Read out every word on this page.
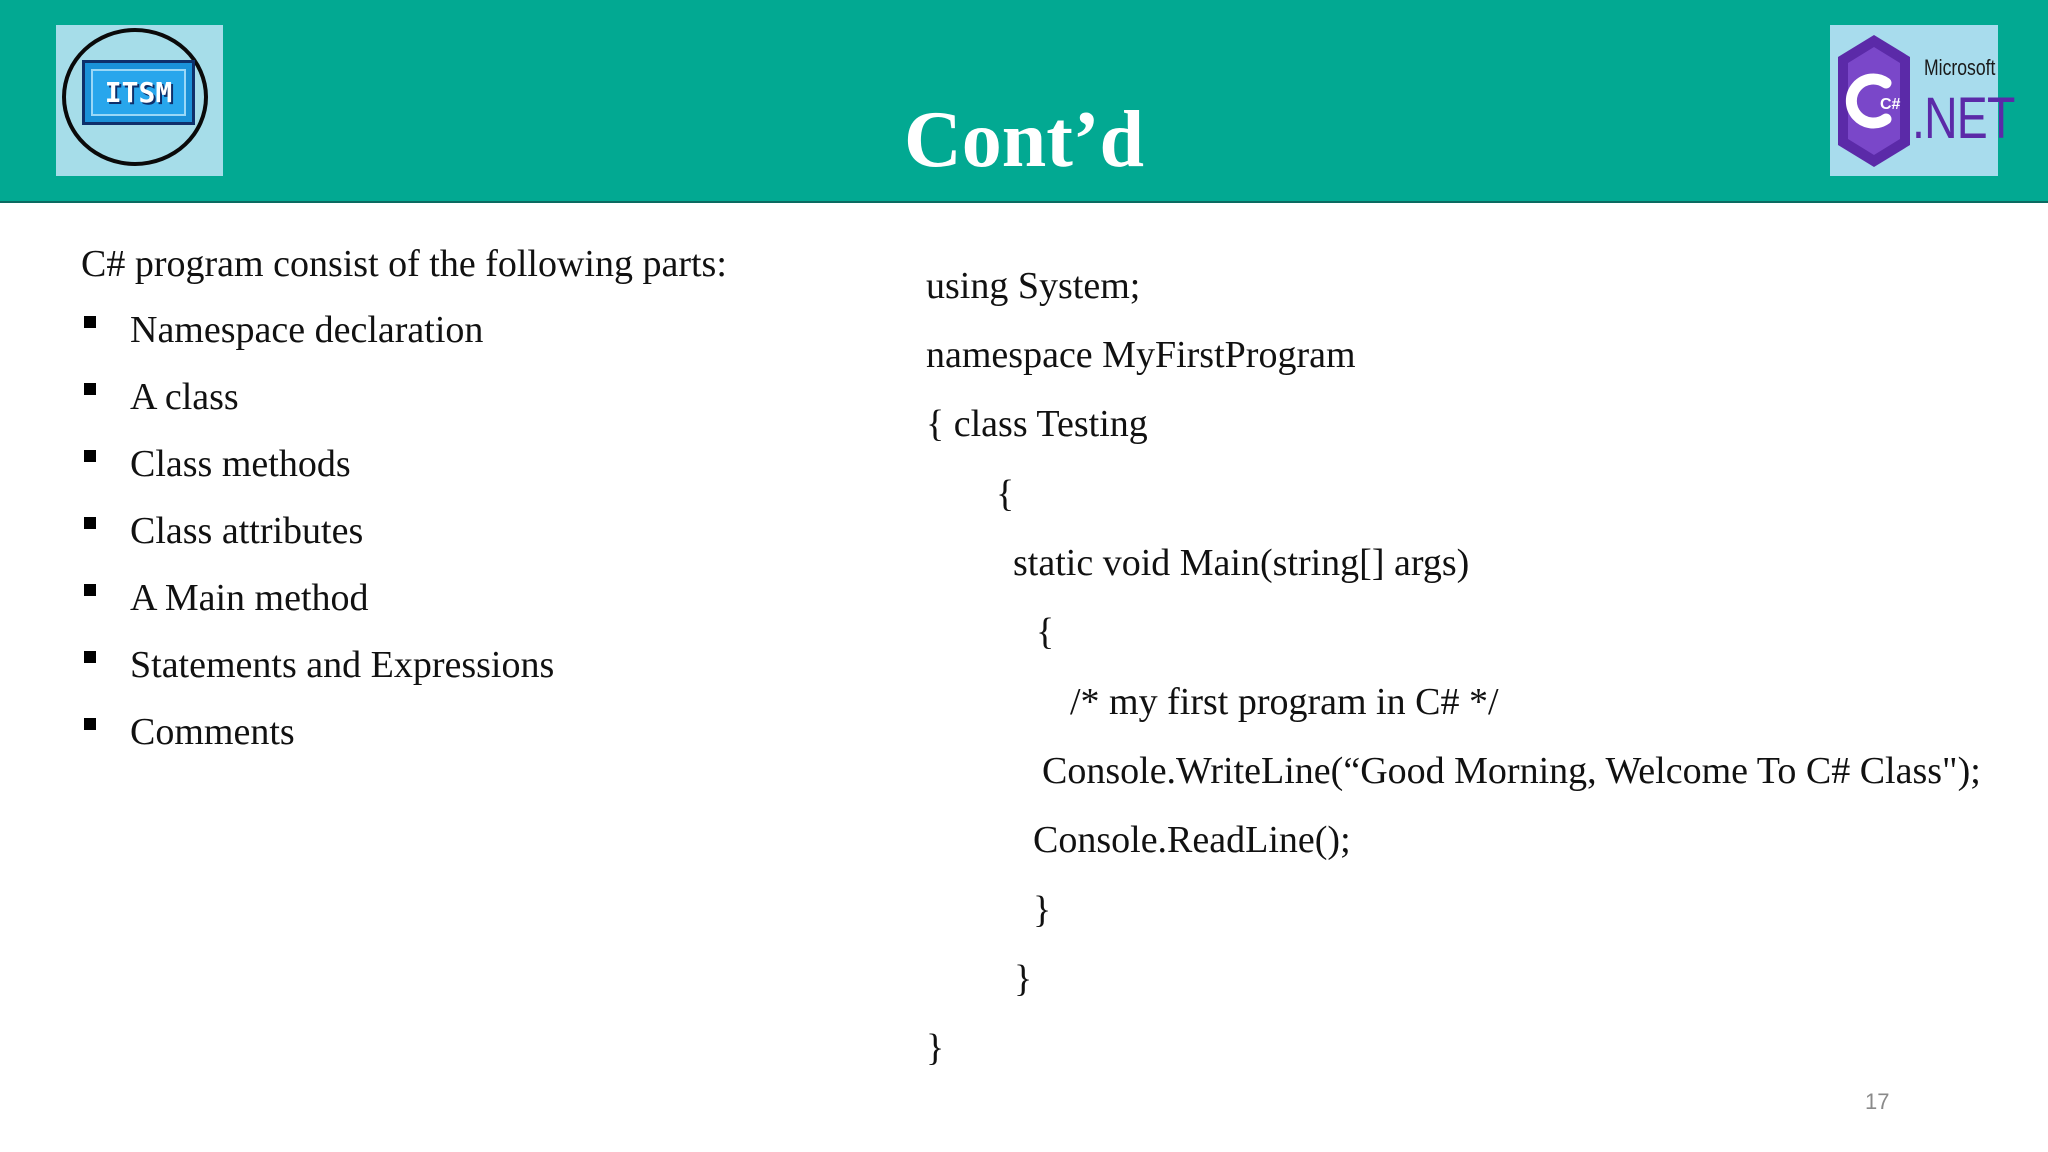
ITSM
Cont’d	C#
Microsoft
.NET
C# program consist of the following parts:
Namespace declaration
A class
Class methods
Class attributes
A Main method
Statements and Expressions
Comments
using System;
namespace MyFirstProgram
{ class Testing
{
static void Main(string[] args)
{
/* my first program in C# */
Console.WriteLine(“Good Morning, Welcome To C# Class");
Console.ReadLine();
}
}
}
17
